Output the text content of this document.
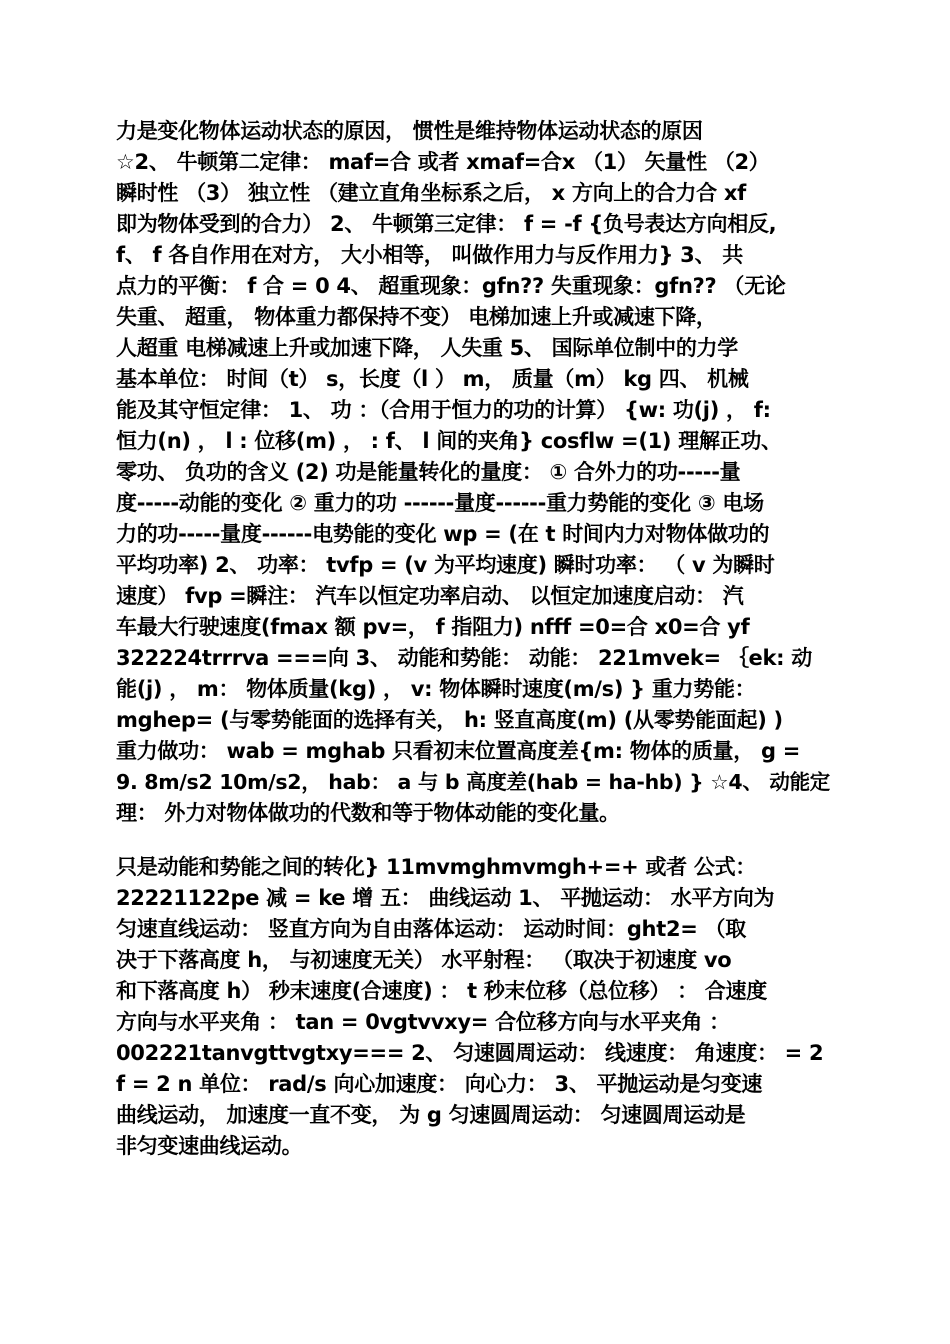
力是变化物体运动状态的原因， 惯性是维持物体运动状态的原因
☆2、 牛顿第二定律： maf=合 或者 xmaf=合x （1） 矢量性 （2）
瞬时性 （3） 独立性 （建立直角坐标系之后， x 方向上的合力合 xf
即为物体受到的合力） 2、 牛顿第三定律： f = -f {负号表达方向相反,
f、 f 各自作用在对方， 大小相等， 叫做作用力与反作用力} 3、 共
点力的平衡： f 合 = 0 4、 超重现象：gfn?? 失重现象：gfn?? （无论
失重、 超重， 物体重力都保持不变） 电梯加速上升或减速下降，
人超重 电梯减速上升或加速下降， 人失重 5、 国际单位制中的力学
基本单位： 时间（t） s，长度（l ） m， 质量（m） kg 四、 机械
能及其守恒定律： 1、 功 ：（合用于恒力的功的计算） {w: 功(j) ， f:
恒力(n) ， l : 位移(m) ， : f、 l 间的夹角} cosflw =(1) 理解正功、
零功、 负功的含义 (2) 功是能量转化的量度： ① 合外力的功-----量
度-----动能的变化 ② 重力的功 ------量度------重力势能的变化 ③ 电场
力的功-----量度------电势能的变化 wp = (在 t 时间内力对物体做功的
平均功率) 2、 功率： tvfp = (v 为平均速度) 瞬时功率： （ v 为瞬时
速度） fvp =瞬注： 汽车以恒定功率启动、 以恒定加速度启动： 汽
车最大行驶速度(fmax 额 pv=， f 指阻力) nfff =0=合 x0=合 yf
322224trrrva ===向 3、 动能和势能： 动能： 221mvek= ｛ek: 动
能(j) ， m： 物体质量(kg) ， v: 物体瞬时速度(m/s) } 重力势能：
mghep= (与零势能面的选择有关， h: 竖直高度(m) (从零势能面起) )
重力做功： wab = mghab 只看初末位置高度差{m: 物体的质量， g =
9. 8m/s2 10m/s2， hab： a 与 b 高度差(hab = ha-hb) } ☆4、 动能定
理： 外力对物体做功的代数和等于物体动能的变化量。
只是动能和势能之间的转化} 11mvmghmvmgh+=+ 或者 公式：
22221122pe 减 = ke 增 五： 曲线运动 1、 平抛运动： 水平方向为
匀速直线运动： 竖直方向为自由落体运动： 运动时间：ght2= （取
决于下落高度 h， 与初速度无关） 水平射程： （取决于初速度 vo
和下落高度 h） 秒末速度(合速度) ： t 秒末位移（总位移） ： 合速度
方向与水平夹角 ： tan = 0vgtvvxy= 合位移方向与水平夹角 ：
002221tanvgttvgtxy=== 2、 匀速圆周运动： 线速度： 角速度： = 2
f = 2 n 单位： rad/s 向心加速度： 向心力： 3、 平抛运动是匀变速
曲线运动， 加速度一直不变， 为 g 匀速圆周运动： 匀速圆周运动是
非匀变速曲线运动。
